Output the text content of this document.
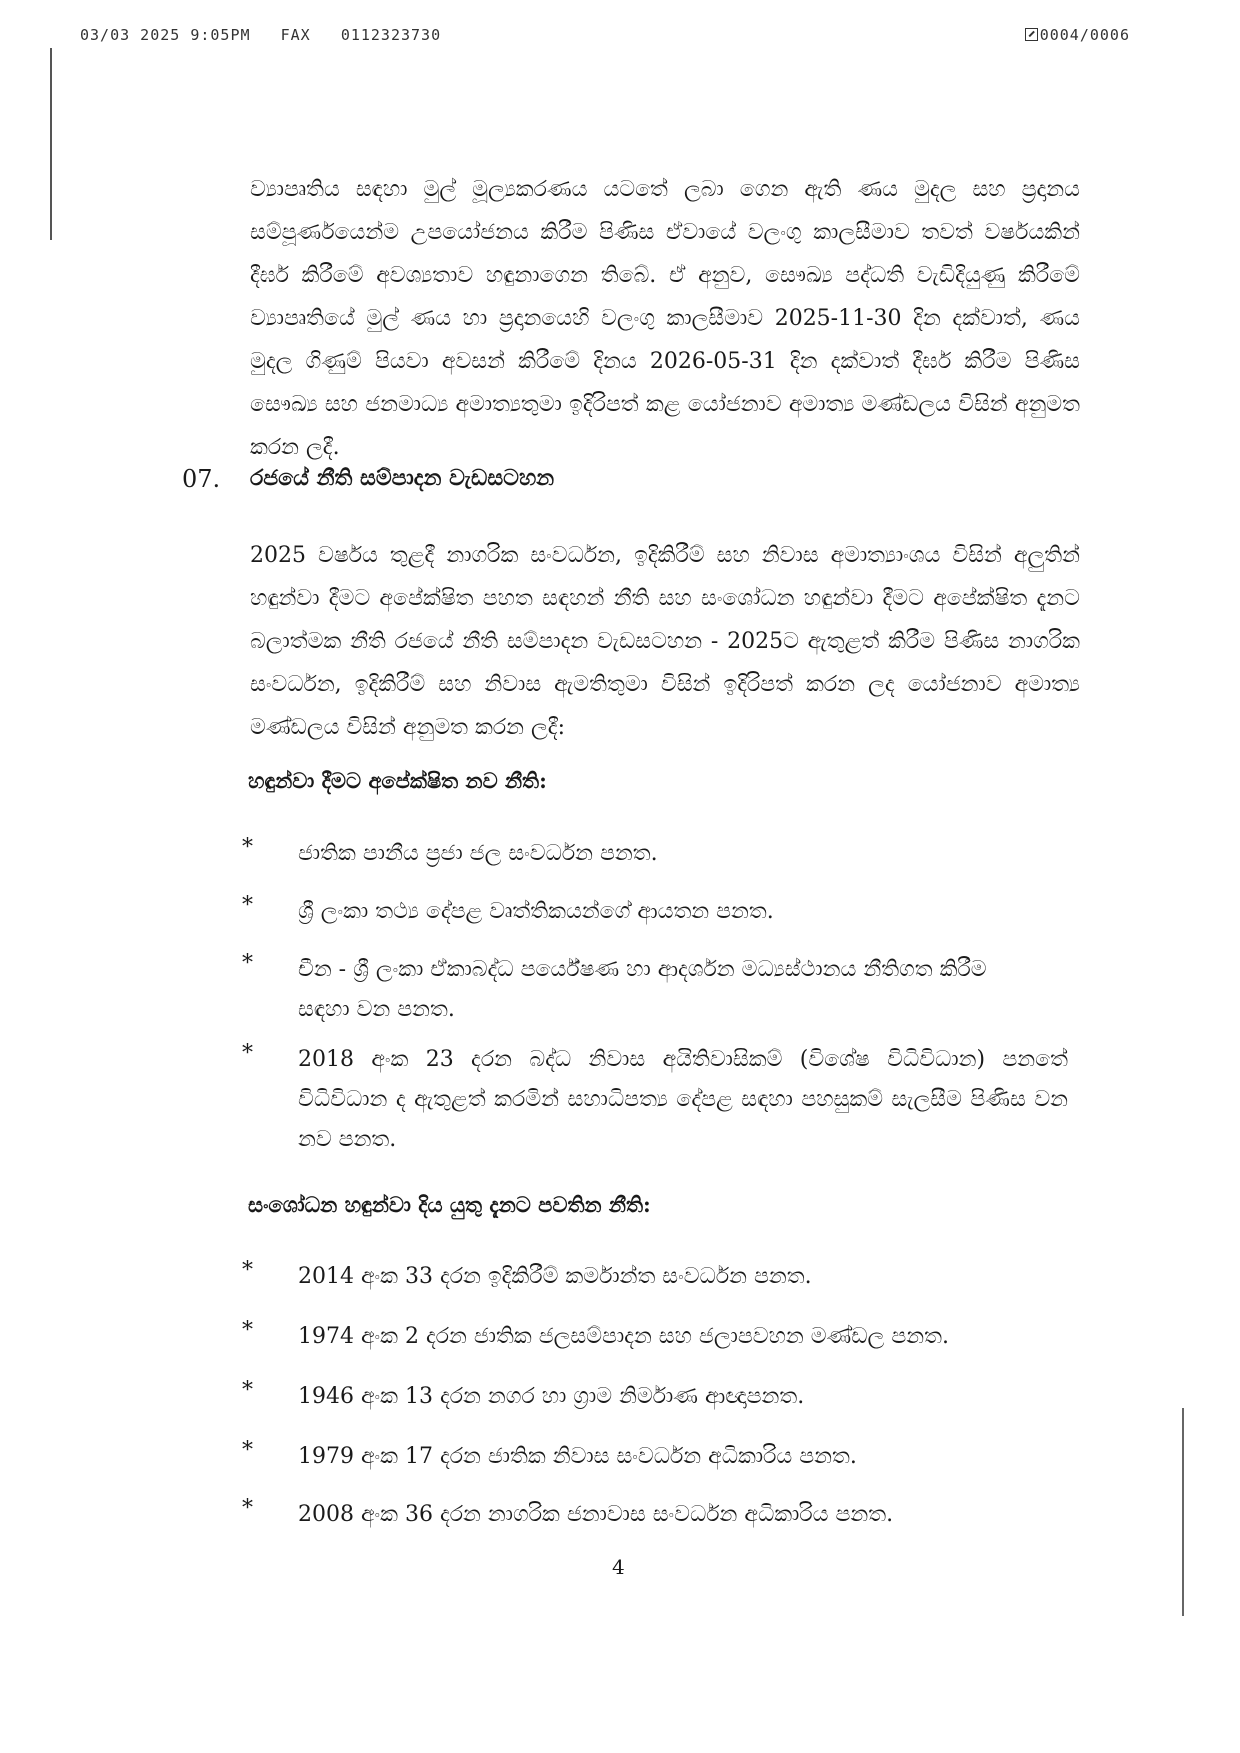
03/03 2025 9:05PM FAX 0112323730	0004/0006

ව්‍යාපෘතිය සඳහා මුල් මූල්‍යකරණය යටතේ ලබා ගෙන ඇති ණය මුදල සහ ප්‍රදානය සම්පූර්ණයෙන්ම උපයෝජනය කිරීම පිණිස ඒවායේ වලංගු කාලසීමාව තවත් වර්ෂයකින් දීර්ඝ කිරීමේ අවශ්‍යතාව හඳුනාගෙන තිබේ. ඒ අනුව, සෞඛ්‍ය පද්ධති වැඩිදියුණු කිරීමේ ව්‍යාපෘතියේ මුල් ණය හා ප්‍රදානයෙහි වලංගු කාලසීමාව 2025-11-30 දින දක්වාත්, ණය මුදල ගිණුම් පියවා අවසන් කිරීමේ දිනය 2026-05-31 දින දක්වාත් දීර්ඝ කිරීම පිණිස සෞඛ්‍ය සහ ජනමාධ්‍ය අමාත්‍යතුමා ඉදිරිපත් කළ යෝජනාව අමාත්‍ය මණ්ඩලය විසින් අනුමත කරන ලදී.

07. රජයේ නීති සම්පාදන වැඩසටහන

2025 වර්ෂය තුළදී නාගරික සංවර්ධන, ඉදිකිරීම් සහ නිවාස අමාත්‍යාංශය විසින් අලුතින් හඳුන්වා දීමට අපේක්ෂිත පහත සඳහන් නීති සහ සංශෝධන හඳුන්වා දීමට අපේක්ෂිත දැනට බලාත්මක නීති රජයේ නීති සම්පාදන වැඩසටහන - 2025ට ඇතුළත් කිරීම පිණිස නාගරික සංවර්ධන, ඉදිකිරීම් සහ නිවාස ඇමතිතුමා විසින් ඉදිරිපත් කරන ලද යෝජනාව අමාත්‍ය මණ්ඩලය විසින් අනුමත කරන ලදී:

හඳුන්වා දීමට අපේක්ෂිත නව නීති:
* ජාතික පානීය ප්‍රජා ජල සංවර්ධන පනත.
* ශ්‍රී ලංකා තථ්‍ය දේපළ වෘත්තිකයන්ගේ ආයතන පනත.
* චීන - ශ්‍රී ලංකා ඒකාබද්ධ පර්යේෂණ හා ආදර්ශන මධ්‍යස්ථානය නීතිගත කිරීම සඳහා වන පනත.
* 2018 අංක 23 දරන බද්ධ නිවාස අයිතිවාසිකම් (විශේෂ විධිවිධාන) පනතේ විධිවිධාන ද ඇතුළත් කරමින් සහාධිපත්‍ය දේපළ සඳහා පහසුකම් සැලසීම පිණිස වන නව පනත.
සංශෝධන හඳුන්වා දිය යුතු දැනට පවතින නීති:
* 2014 අංක 33 දරන ඉදිකිරීම් කර්මාන්ත සංවර්ධන පනත.
* 1974 අංක 2 දරන ජාතික ජලසම්පාදන සහ ජලාපවහන මණ්ඩල පනත.
* 1946 අංක 13 දරන නගර හා ග්‍රාම නිර්මාණ ආඥාපනත.
* 1979 අංක 17 දරන ජාතික නිවාස සංවර්ධන අධිකාරිය පනත.
* 2008 අංක 36 දරන නාගරික ජනාවාස සංවර්ධන අධිකාරිය පනත.
4
